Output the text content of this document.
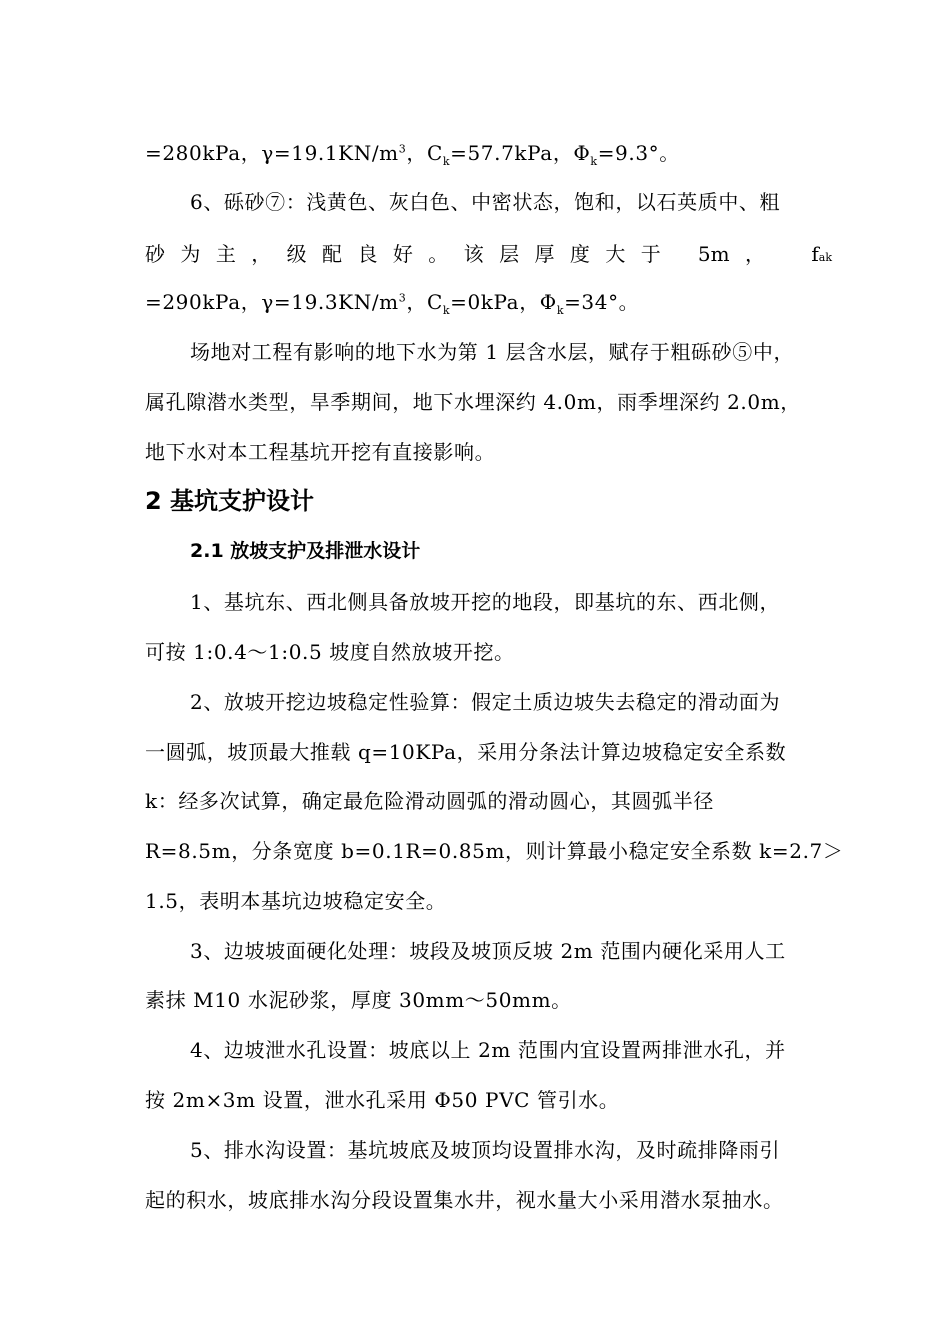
=280kPa，$\gamma=19.1KN/m^3$，$C_k=57.7kPa$，$\Phi_k=9.3^\circ$。
6、砾砂⑦：浅黄色、灰白色、中密状态，饱和，以石英质中、粗
砂为主，级配良好。该层厚度大于 5m， fak
=290kPa，$\gamma=19.3KN/m^3$，$C_k=0kPa$，$\Phi_k=34^\circ$。
场地对工程有影响的地下水为第 1 层含水层，赋存于粗砾砂⑤中，
属孔隙潜水类型，旱季期间，地下水埋深约 4.0m，雨季埋深约 2.0m，
地下水对本工程基坑开挖有直接影响。
2 基坑支护设计
2.1 放坡支护及排泄水设计
1、基坑东、西北侧具备放坡开挖的地段，即基坑的东、西北侧，
可按 1:0.4～1:0.5 坡度自然放坡开挖。
2、放坡开挖边坡稳定性验算：假定土质边坡失去稳定的滑动面为
一圆弧，坡顶最大推载 q=10KPa，采用分条法计算边坡稳定安全系数
k：经多次试算，确定最危险滑动圆弧的滑动圆心，其圆弧半径
R=8.5m，分条宽度 b=0.1R=0.85m，则计算最小稳定安全系数 k=2.7＞
1.5，表明本基坑边坡稳定安全。
3、边坡坡面硬化处理：坡段及坡顶反坡 2m 范围内硬化采用人工
素抹 M10 水泥砂浆，厚度 30mm～50mm。
4、边坡泄水孔设置：坡底以上 2m 范围内宜设置两排泄水孔，并
按 2m×3m 设置，泄水孔采用 Φ50 PVC 管引水。
5、排水沟设置：基坑坡底及坡顶均设置排水沟，及时疏排降雨引
起的积水，坡底排水沟分段设置集水井，视水量大小采用潜水泵抽水。
